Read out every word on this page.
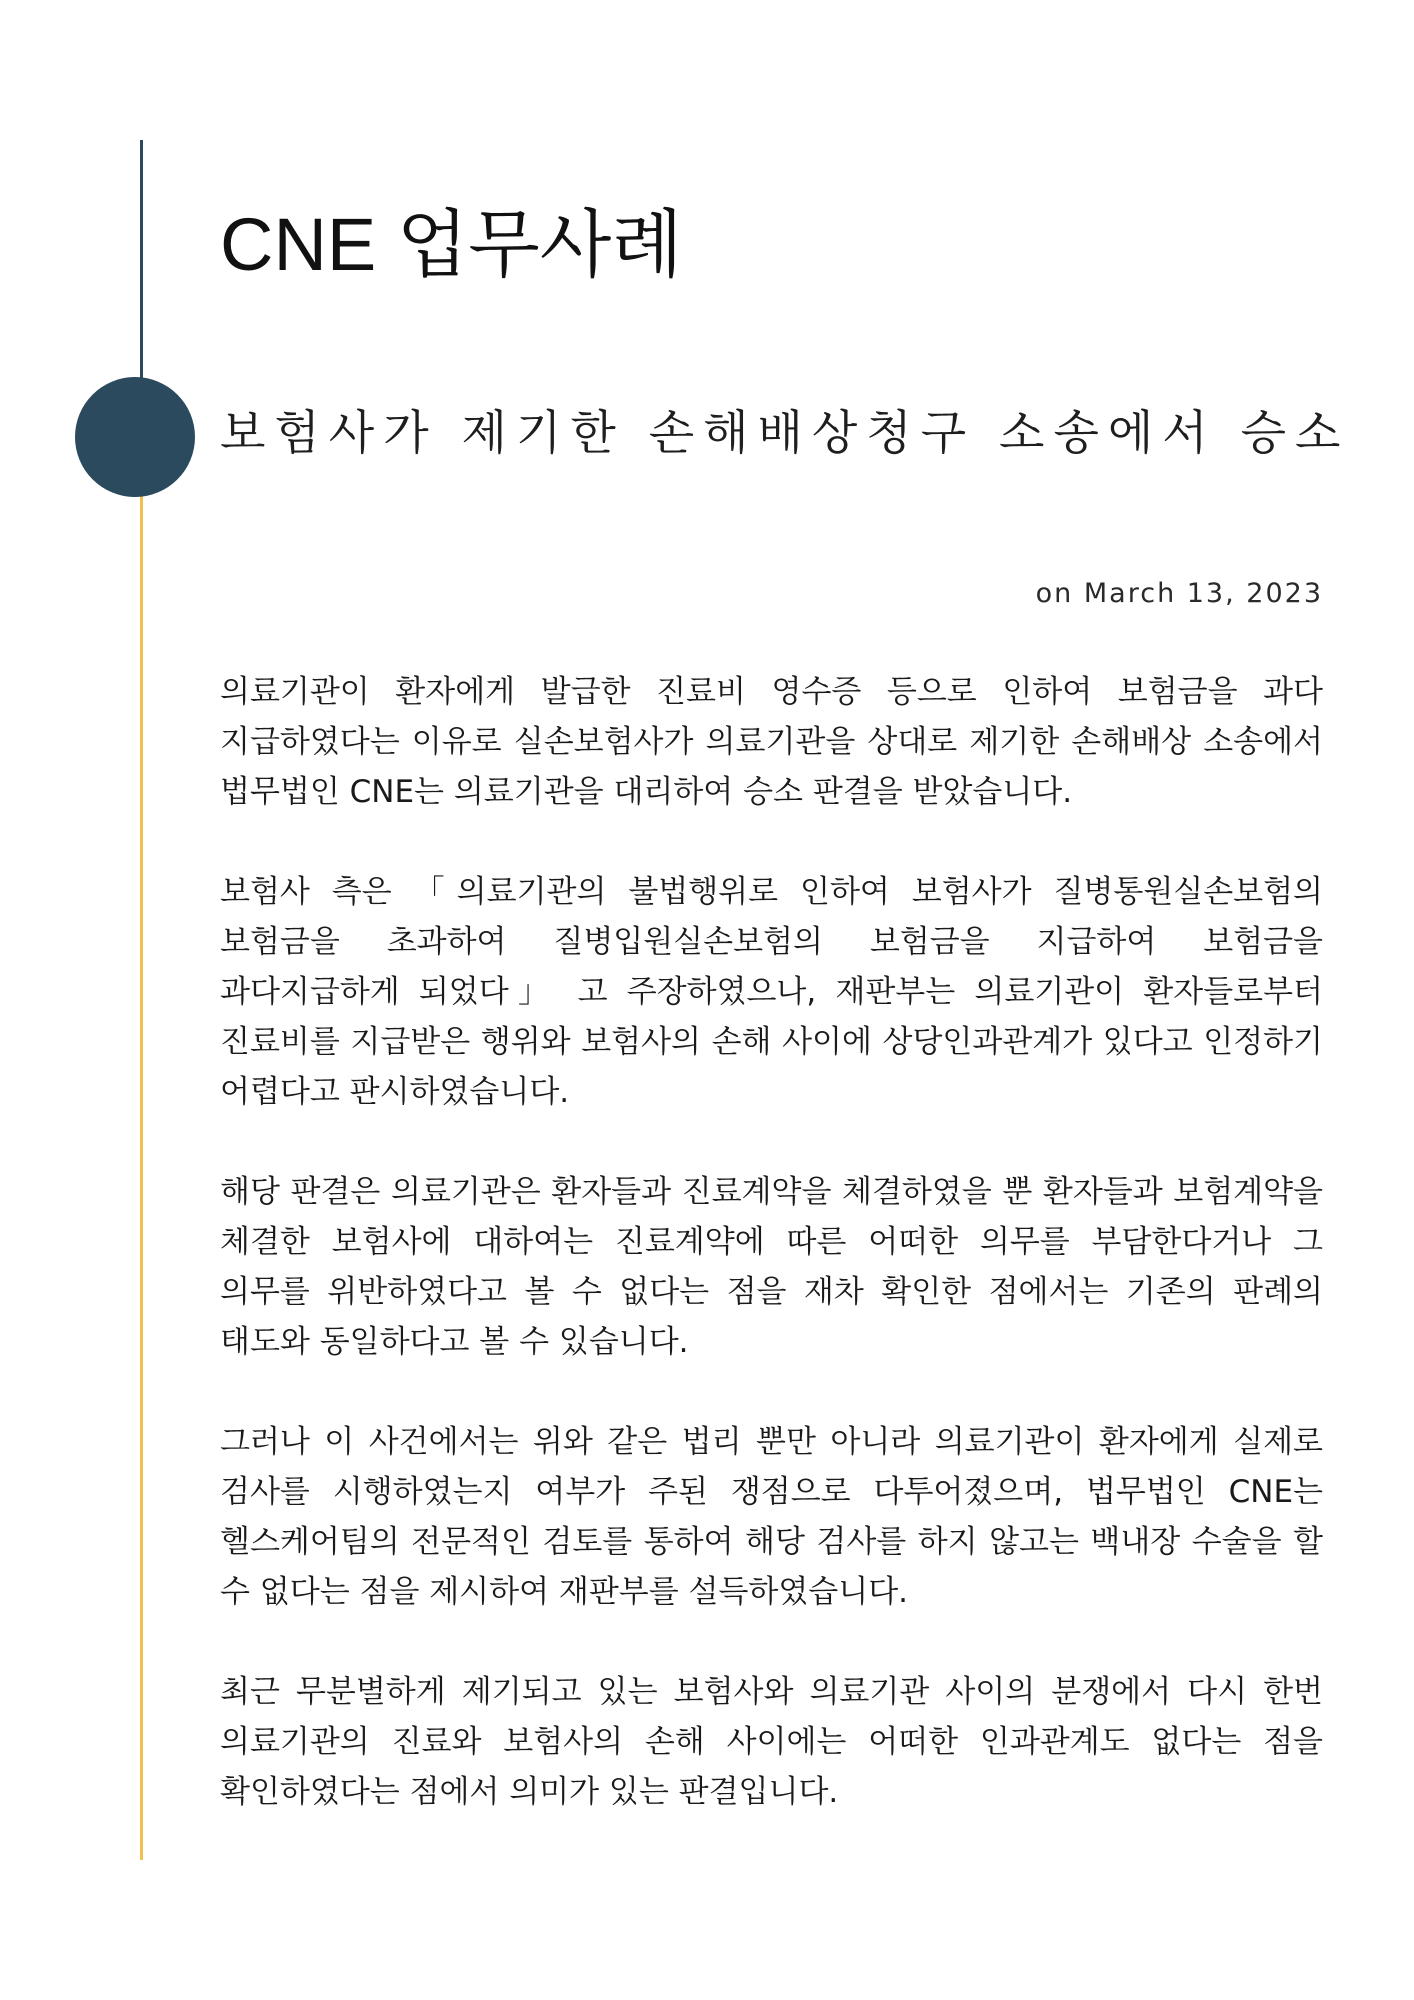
CNE 업무사례
보험사가 제기한 손해배상청구 소송에서 승소
on March 13, 2023

의료기관이 환자에게 발급한 진료비 영수증 등으로 인하여 보험금을 과다 지급하였다는 이유로 실손보험사가 의료기관을 상대로 제기한 손해배상 소송에서 법무법인 CNE는 의료기관을 대리하여 승소 판결을 받았습니다.

보험사 측은 「의료기관의 불법행위로 인하여 보험사가 질병통원실손보험의 보험금을 초과하여 질병입원실손보험의 보험금을 지급하여 보험금을 과다지급하게 되었다」 고 주장하였으나, 재판부는 의료기관이 환자들로부터 진료비를 지급받은 행위와 보험사의 손해 사이에 상당인과관계가 있다고 인정하기 어렵다고 판시하였습니다.

해당 판결은 의료기관은 환자들과 진료계약을 체결하였을 뿐 환자들과 보험계약을 체결한 보험사에 대하여는 진료계약에 따른 어떠한 의무를 부담한다거나 그 의무를 위반하였다고 볼 수 없다는 점을 재차 확인한 점에서는 기존의 판례의 태도와 동일하다고 볼 수 있습니다.

그러나 이 사건에서는 위와 같은 법리 뿐만 아니라 의료기관이 환자에게 실제로 검사를 시행하였는지 여부가 주된 쟁점으로 다투어졌으며, 법무법인 CNE는 헬스케어팀의 전문적인 검토를 통하여 해당 검사를 하지 않고는 백내장 수술을 할 수 없다는 점을 제시하여 재판부를 설득하였습니다.

최근 무분별하게 제기되고 있는 보험사와 의료기관 사이의 분쟁에서 다시 한번 의료기관의 진료와 보험사의 손해 사이에는 어떠한 인과관계도 없다는 점을 확인하였다는 점에서 의미가 있는 판결입니다.
